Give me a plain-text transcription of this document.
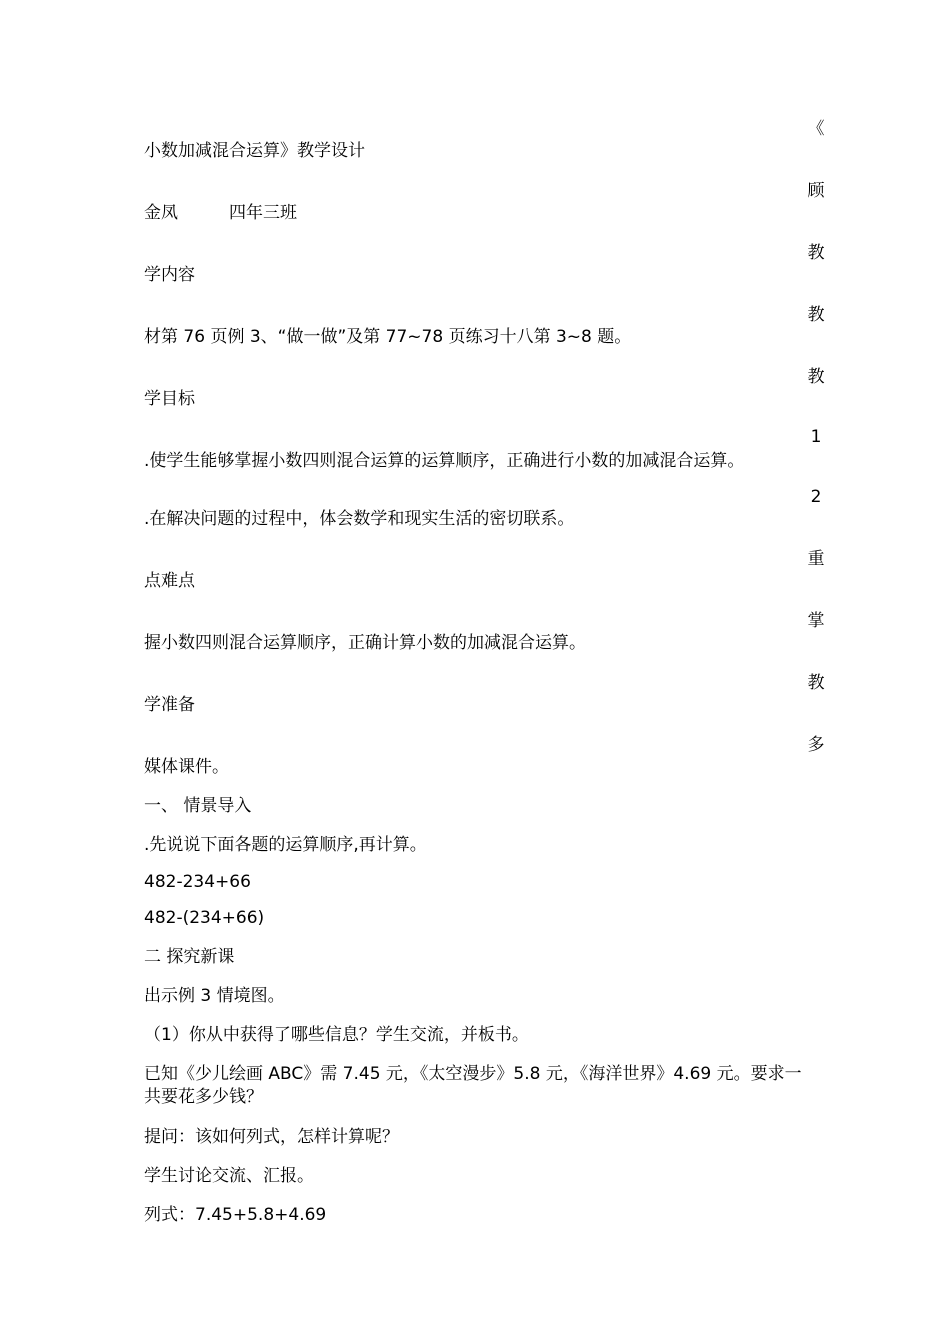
《
顾
教
教
教
1
2
重
掌
教
多
小数加减混合运算》教学设计
金凤　　　四年三班
学内容
材第 76 页例 3、“做一做”及第 77~78 页练习十八第 3~8 题。
学目标
.使学生能够掌握小数四则混合运算的运算顺序，正确进行小数的加减混合运算。
.在解决问题的过程中，体会数学和现实生活的密切联系。
点难点
握小数四则混合运算顺序，正确计算小数的加减混合运算。
学准备
媒体课件。
一、 情景导入
.先说说下面各题的运算顺序,再计算。
482-234+66
482-(234+66)
二 探究新课
出示例 3 情境图。
（1）你从中获得了哪些信息？学生交流，并板书。
已知《少儿绘画 ABC》需 7.45 元，《太空漫步》5.8 元，《海洋世界》4.69 元。要求一共要花多少钱？
提问：该如何列式，怎样计算呢？
学生讨论交流、汇报。
列式：7.45+5.8+4.69
